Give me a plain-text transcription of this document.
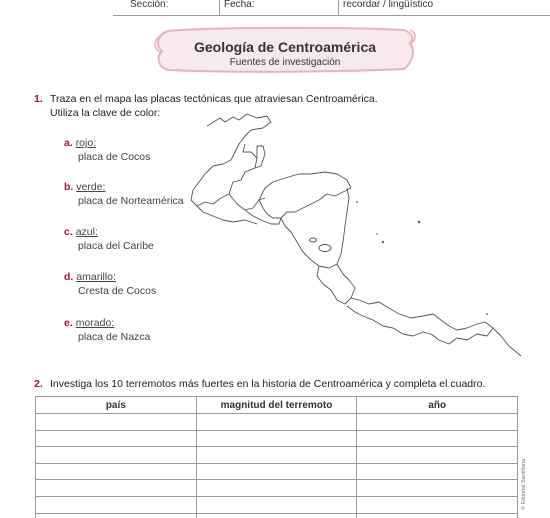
Sección:	Fecha:	recordar / lingüístico
Geología de Centroamérica
Fuentes de investigación
1. Traza en el mapa las placas tectónicas que atraviesan Centroamérica.
Utiliza la clave de color:
a. rojo:
placa de Cocos
b. verde:
placa de Norteamérica
c. azul:
placa del Caribe
d. amarillo:
Cresta de Cocos
e. morado:
placa de Nazca
2. Investiga los 10 terremotos más fuertes en la historia de Centroamérica y completa el cuadro.
país	magnitud del terremoto	año

© Editorial Santillana
